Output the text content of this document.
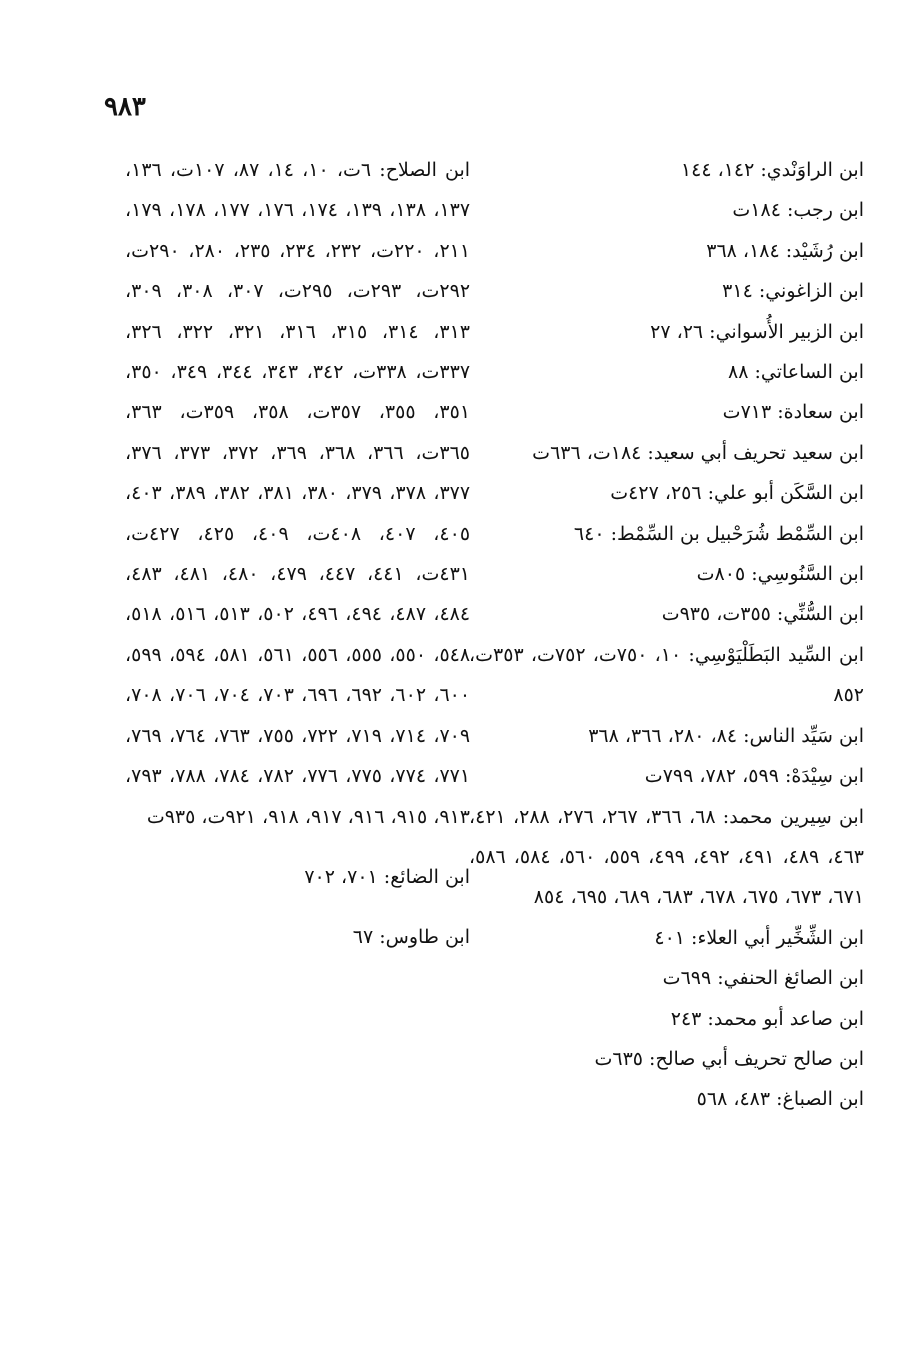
٩٨٣

ابن الراوَنْدي: ١٤٢، ١٤٤

ابن رجب: ١٨٤ت

ابن رُشَيْد: ١٨٤، ٣٦٨

ابن الزاغوني: ٣١٤

ابن الزبير الأُسواني: ٢٦، ٢٧

ابن الساعاتي: ٨٨

ابن سعادة: ٧١٣ت

ابن سعيد تحريف أبي سعيد: ١٨٤ت، ٦٣٦ت

ابن السَّكَن أبو علي: ٢٥٦، ٤٢٧ت

ابن السِّمْط شُرَحْبيل بن السِّمْط: ٦٤٠

ابن السَّنُوسِي: ٨٠٥ت

ابن السُّنِّي: ٣٥٥ت، ٩٣٥ت

ابن السِّيد البَطَلْيَوْسِي: ١٠، ٧٥٠ت، ٧٥٢ت، ٣٥٣ت، ٨٥٢

ابن سَيِّد الناس: ٨٤، ٢٨٠، ٣٦٦، ٣٦٨

ابن سِيْدَهْ: ٥٩٩، ٧٨٢، ٧٩٩ت

ابن سِيرين محمد: ٦٨، ٣٦٦، ٢٦٧، ٢٧٦، ٢٨٨، ٤٢١، ٤٦٣، ٤٨٩، ٤٩١، ٤٩٢، ٤٩٩، ٥٥٩، ٥٦٠، ٥٨٤، ٥٨٦، ٦٧١، ٦٧٣، ٦٧٥، ٦٧٨، ٦٨٣، ٦٨٩، ٦٩٥، ٨٥٤

ابن الشِّخِّير أبي العلاء: ٤٠١

ابن الصائغ الحنفي: ٦٩٩ت

ابن صاعد أبو محمد: ٢٤٣

ابن صالح تحريف أبي صالح: ٦٣٥ت

ابن الصباغ: ٤٨٣، ٥٦٨

ابن الصلاح: ٦ت، ١٠، ١٤، ٨٧، ١٠٧ت، ١٣٦، ١٣٧، ١٣٨، ١٣٩، ١٧٤، ١٧٦، ١٧٧، ١٧٨، ١٧٩، ٢١١، ٢٢٠ت، ٢٣٢، ٢٣٤، ٢٣٥، ٢٨٠، ٢٩٠ت، ٢٩٢ت، ٢٩٣ت، ٢٩٥ت، ٣٠٧، ٣٠٨، ٣٠٩، ٣١٣، ٣١٤، ٣١٥، ٣١٦، ٣٢١، ٣٢٢، ٣٢٦، ٣٣٧ت، ٣٣٨ت، ٣٤٢، ٣٤٣، ٣٤٤، ٣٤٩، ٣٥٠، ٣٥١، ٣٥٥، ٣٥٧ت، ٣٥٨، ٣٥٩ت، ٣٦٣، ٣٦٥ت، ٣٦٦، ٣٦٨، ٣٦٩، ٣٧٢، ٣٧٣، ٣٧٦، ٣٧٧، ٣٧٨، ٣٧٩، ٣٨٠، ٣٨١، ٣٨٢، ٣٨٩، ٤٠٣، ٤٠٥، ٤٠٧، ٤٠٨ت، ٤٠٩، ٤٢٥، ٤٢٧ت، ٤٣١ت، ٤٤١، ٤٤٧، ٤٧٩، ٤٨٠، ٤٨١، ٤٨٣، ٤٨٤، ٤٨٧، ٤٩٤، ٤٩٦، ٥٠٢، ٥١٣، ٥١٦، ٥١٨، ٥٤٨، ٥٥٠، ٥٥٥، ٥٥٦، ٥٦١، ٥٨١، ٥٩٤، ٥٩٩، ٦٠٠، ٦٠٢، ٦٩٢، ٦٩٦، ٧٠٣، ٧٠٤، ٧٠٦، ٧٠٨، ٧٠٩، ٧١٤، ٧١٩، ٧٢٢، ٧٥٥، ٧٦٣، ٧٦٤، ٧٦٩، ٧٧١، ٧٧٤، ٧٧٥، ٧٧٦، ٧٨٢، ٧٨٤، ٧٨٨، ٧٩٣، ٩١٣، ٩١٥، ٩١٦، ٩١٧، ٩١٨، ٩٢١ت، ٩٣٥ت

ابن الضائع: ٧٠١، ٧٠٢

ابن طاوس: ٦٧
